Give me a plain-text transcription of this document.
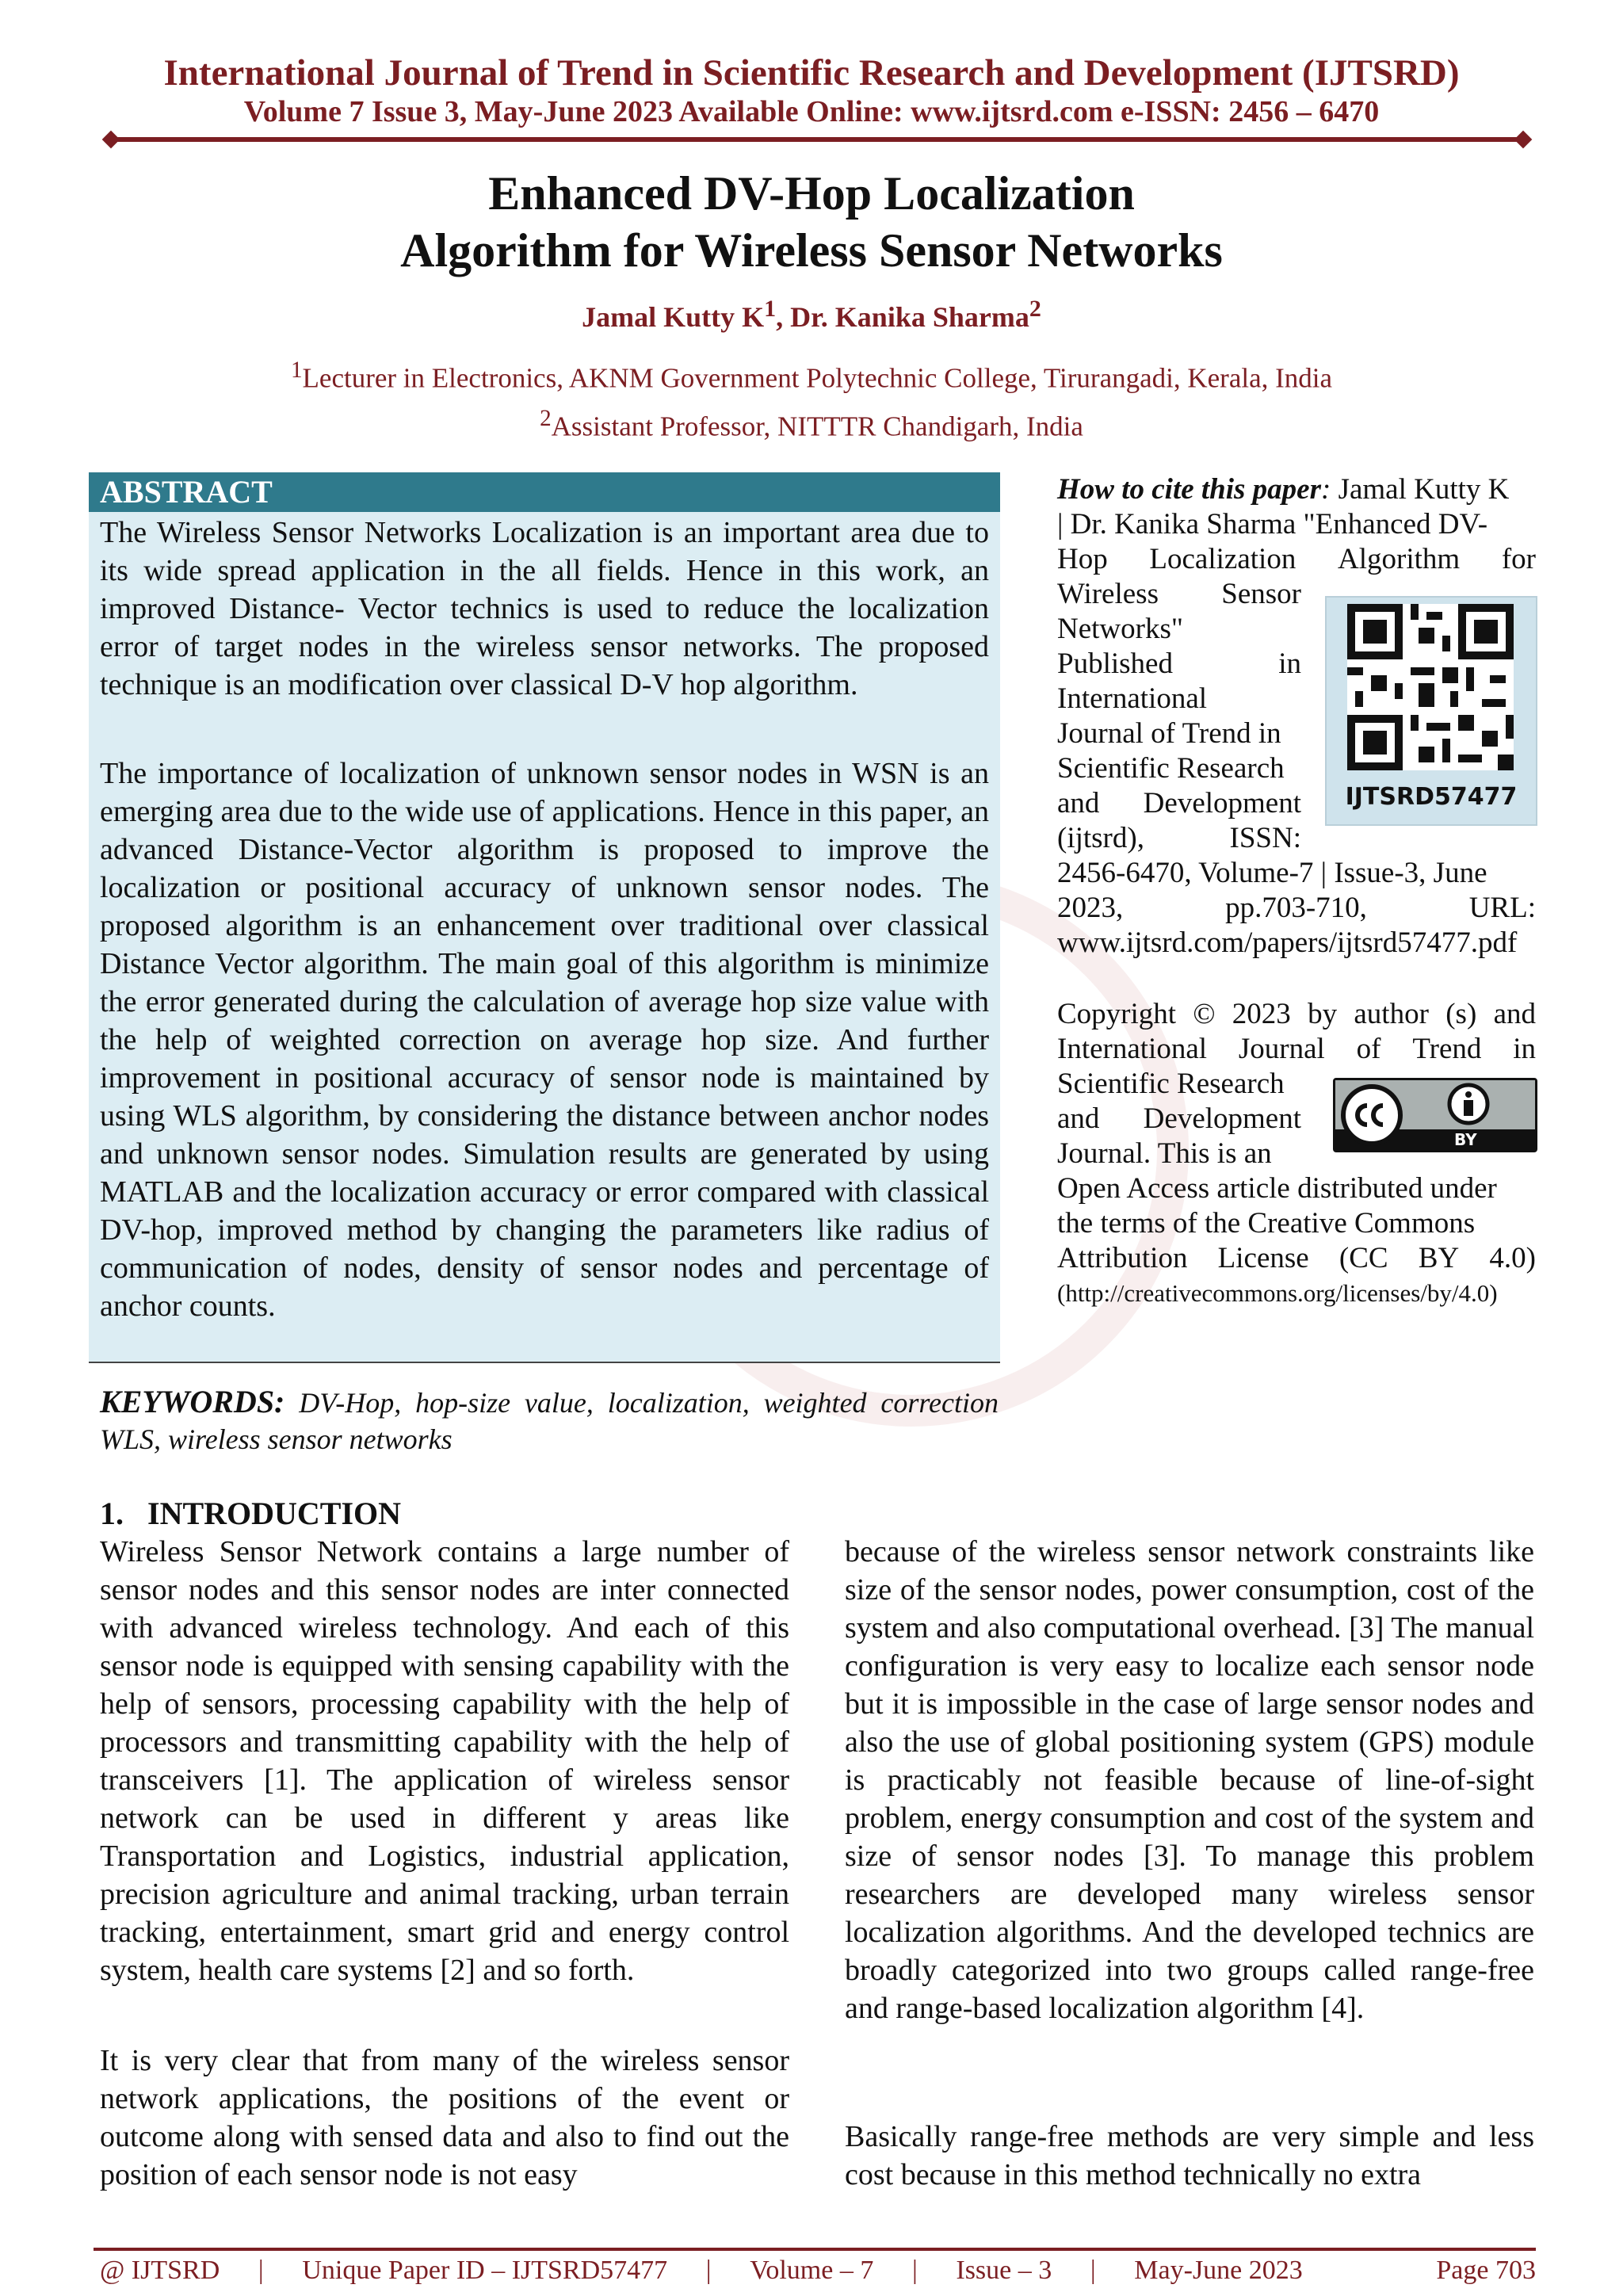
International Journal of Trend in Scientific Research and Development (IJTSRD)
Volume 7 Issue 3, May-June 2023 Available Online: www.ijtsrd.com e-ISSN: 2456 – 6470
Enhanced DV-Hop Localization
Algorithm for Wireless Sensor Networks
Jamal Kutty $K^1$, Dr. Kanika Sharma$^2$
$^1$Lecturer in Electronics, AKNM Government Polytechnic College, Tirurangadi, Kerala, India
$^2$Assistant Professor, NITTTR Chandigarh, India
ABSTRACT
The Wireless Sensor Networks Localization is an important area due to its wide spread application in the all fields. Hence in this work, an improved Distance- Vector technics is used to reduce the localization error of target nodes in the wireless sensor networks. The proposed technique is an modification over classical D-V hop algorithm.
The importance of localization of unknown sensor nodes in WSN is an emerging area due to the wide use of applications. Hence in this paper, an advanced Distance-Vector algorithm is proposed to improve the localization or positional accuracy of unknown sensor nodes. The proposed algorithm is an enhancement over traditional over classical Distance Vector algorithm. The main goal of this algorithm is minimize the error generated during the calculation of average hop size value with the help of weighted correction on average hop size. And further improvement in positional accuracy of sensor node is maintained by using WLS algorithm, by considering the distance between anchor nodes and unknown sensor nodes. Simulation results are generated by using MATLAB and the localization accuracy or error compared with classical DV-hop, improved method by changing the parameters like radius of communication of nodes, density of sensor nodes and percentage of anchor counts.
KEYWORDS: DV-Hop, hop-size value, localization, weighted correction WLS, wireless sensor networks
How to cite this paper : Jamal Kutty K
| Dr. Kanika Sharma "Enhanced DV-
Hop Localization Algorithm for
Wireless Sensor
Networks"
Published	in
International
Journal of Trend in
Scientific Research
and Development
(ijtsrd),	ISSN:
2456-6470, Volume-7 | Issue-3, June
2023,	pp.703-710,	URL:
www.ijtsrd.com/papers/ijtsrd57477.pdf
IJTSRD57477
Copyright © 2023 by author (s) and
International Journal of Trend in
Scientific Research
and Development
Journal. This is an
Open Access article distributed under
the terms of the Creative Commons
Attribution License (CC BY 4.0)
(http://creativecommons.org/licenses/by/4.0)
BY
1.   INTRODUCTION
Wireless Sensor Network contains a large number of sensor nodes and this sensor nodes are inter connected with advanced wireless technology. And each of this sensor node is equipped with sensing capability with the help of sensors, processing capability with the help of processors and transmitting capability with the help of transceivers [1]. The application of wireless sensor network can be used in different y areas like Transportation and Logistics, industrial application, precision agriculture and animal tracking, urban terrain tracking, entertainment, smart grid and energy control system, health care systems [2] and so forth.
It is very clear that from many of the wireless sensor network applications, the positions of the event or outcome along with sensed data and also to find out the position of each sensor node is not easy
because of the wireless sensor network constraints like size of the sensor nodes, power consumption, cost of the system and also computational overhead. [3] The manual configuration is very easy to localize each sensor node but it is impossible in the case of large sensor nodes and also the use of global positioning system (GPS) module is practicably not feasible because of line-of-sight problem, energy consumption and cost of the system and size of sensor nodes [3]. To manage this problem researchers are developed many wireless sensor localization algorithms. And the developed technics are broadly categorized into two groups called range-free and range-based localization algorithm [4].
Basically range-free methods are very simple and less cost because in this method technically no extra
@ IJTSRD | Unique Paper ID – IJTSRD57477 | Volume – 7 | Issue – 3 | May-June 2023	Page 703
